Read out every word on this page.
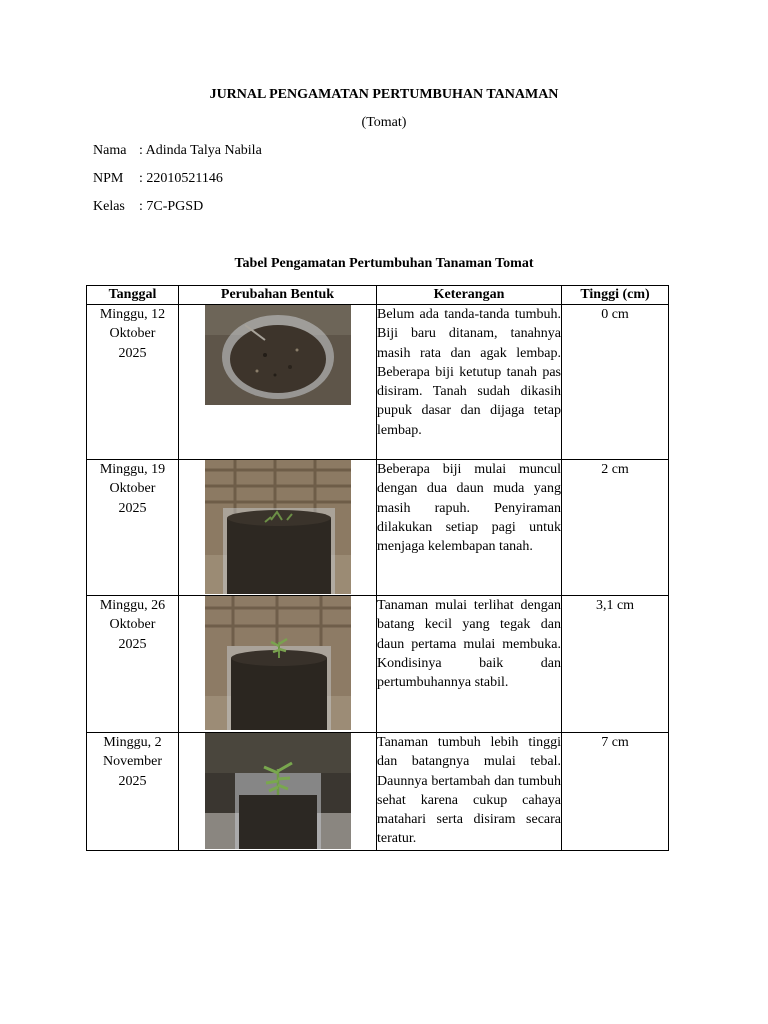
JURNAL PENGAMATAN PERTUMBUHAN TANAMAN
(Tomat)
Nama : Adinda Talya Nabila
NPM : 22010521146
Kelas : 7C-PGSD
Tabel Pengamatan Pertumbuhan Tanaman Tomat
Tanggal	Perubahan Bentuk	Keterangan	Tinggi (cm)

Minggu, 12
Oktober
2025		Belum ada tanda-tanda tumbuh. Biji baru ditanam, tanahnya masih rata dan agak lembap. Beberapa biji ketutup tanah pas disiram. Tanah sudah dikasih pupuk dasar dan dijaga tetap lembap.	0 cm

Minggu, 19
Oktober
2025		Beberapa biji mulai muncul dengan dua daun muda yang masih rapuh. Penyiraman dilakukan setiap pagi untuk menjaga kelembapan tanah.	2 cm

Minggu, 26
Oktober
2025		Tanaman mulai terlihat dengan batang kecil yang tegak dan daun pertama mulai membuka. Kondisinya baik dan pertumbuhannya stabil.	3,1 cm

Minggu, 2
November
2025		Tanaman tumbuh lebih tinggi dan batangnya mulai tebal. Daunnya bertambah dan tumbuh sehat karena cukup cahaya matahari serta disiram secara teratur.	7 cm
